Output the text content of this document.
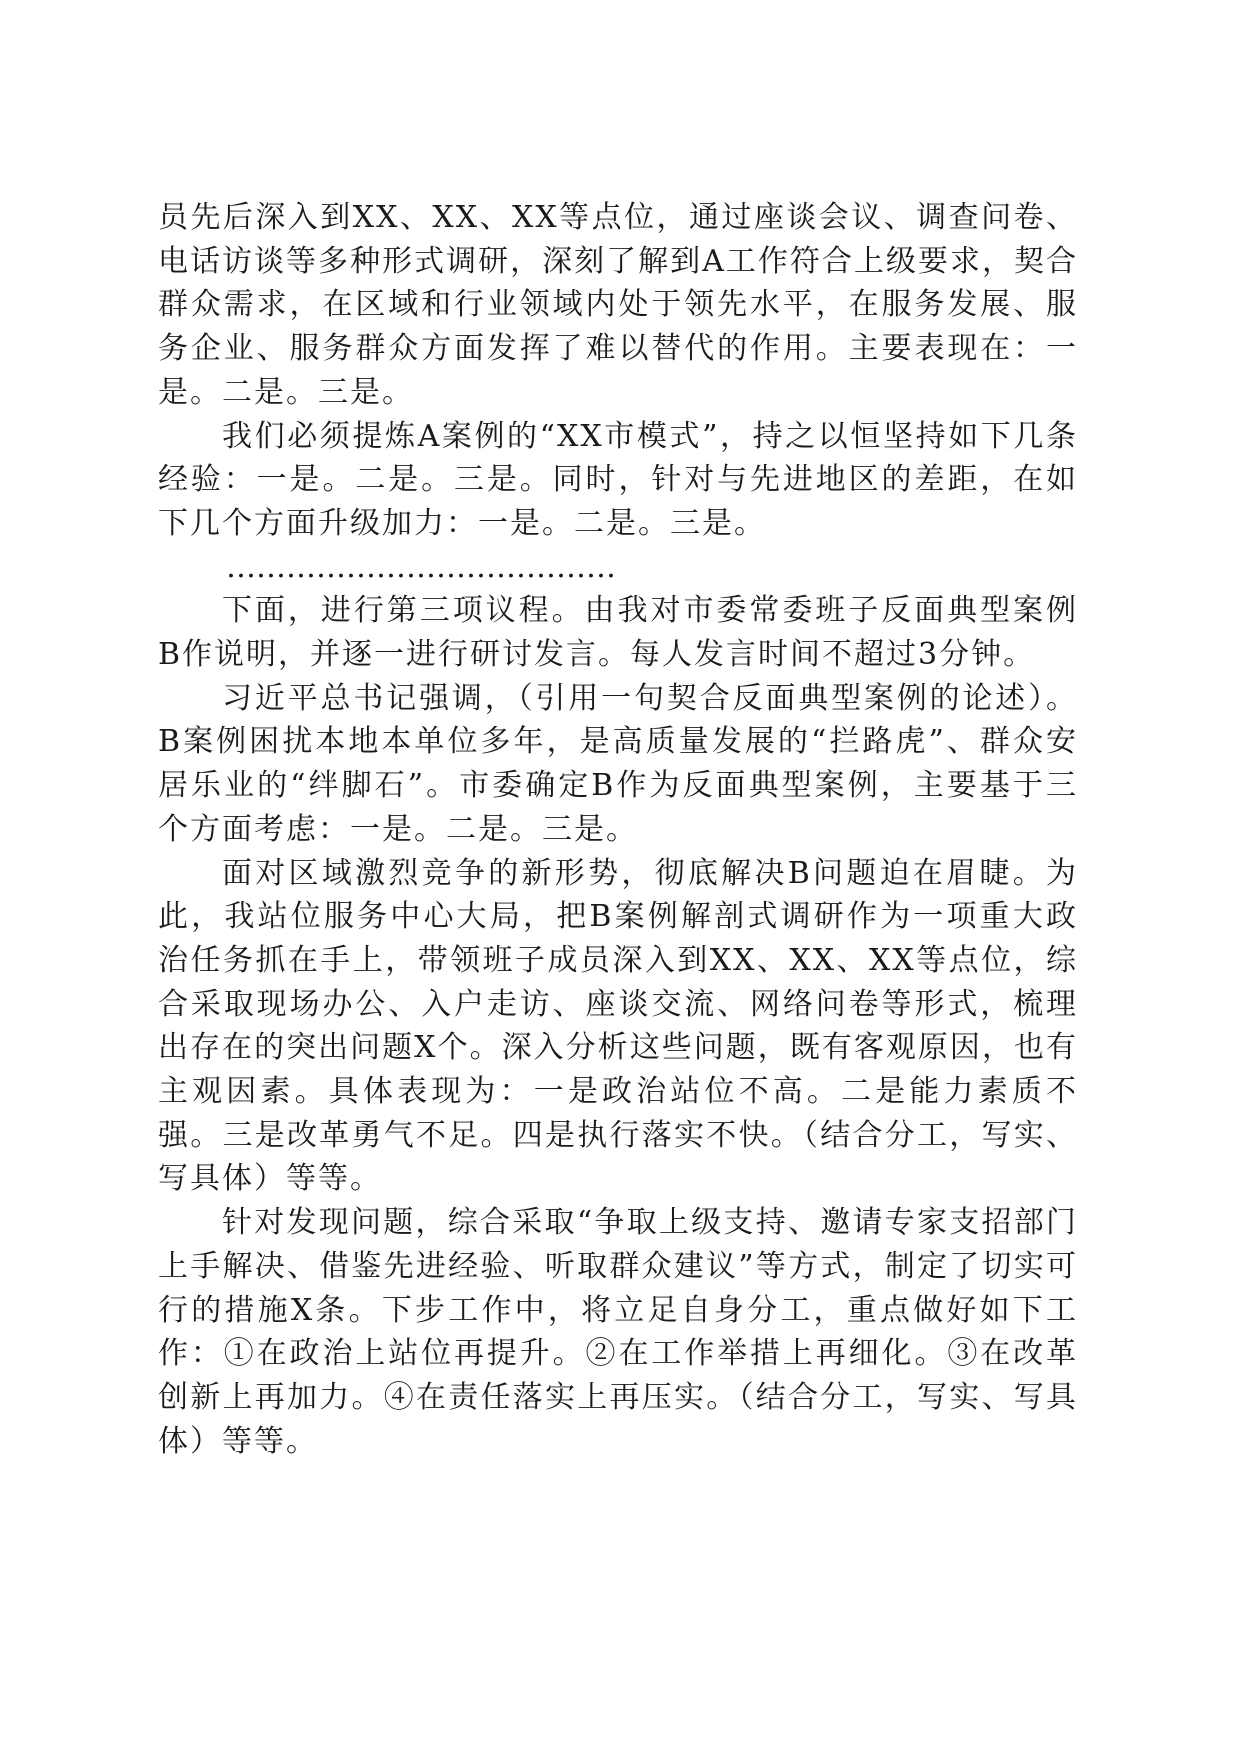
员先后深入到XX、XX、XX等点位，通过座谈会议、调查问卷、电话访谈等多种形式调研，深刻了解到A工作符合上级要求，契合群众需求，在区域和行业领域内处于领先水平，在服务发展、服务企业、服务群众方面发挥了难以替代的作用。主要表现在：一是。二是。三是。

我们必须提炼A案例的“XX市模式”，持之以恒坚持如下几条经验：一是。二是。三是。同时，针对与先进地区的差距，在如下几个方面升级加力：一是。二是。三是。

…………………………………

下面，进行第三项议程。由我对市委常委班子反面典型案例B作说明，并逐一进行研讨发言。每人发言时间不超过3分钟。

习近平总书记强调，（引用一句契合反面典型案例的论述）。B案例困扰本地本单位多年，是高质量发展的“拦路虎”、群众安居乐业的“绊脚石”。市委确定B作为反面典型案例，主要基于三个方面考虑：一是。二是。三是。

面对区域激烈竞争的新形势，彻底解决B问题迫在眉睫。为此，我站位服务中心大局，把B案例解剖式调研作为一项重大政治任务抓在手上，带领班子成员深入到XX、XX、XX等点位，综合采取现场办公、入户走访、座谈交流、网络问卷等形式，梳理出存在的突出问题X个。深入分析这些问题，既有客观原因，也有主观因素。具体表现为：一是政治站位不高。二是能力素质不强。三是改革勇气不足。四是执行落实不快。（结合分工，写实、写具体）等等。

针对发现问题，综合采取“争取上级支持、邀请专家支招部门上手解决、借鉴先进经验、听取群众建议”等方式，制定了切实可行的措施X条。下步工作中，将立足自身分工，重点做好如下工作：①在政治上站位再提升。②在工作举措上再细化。③在改革创新上再加力。④在责任落实上再压实。（结合分工，写实、写具体）等等。
